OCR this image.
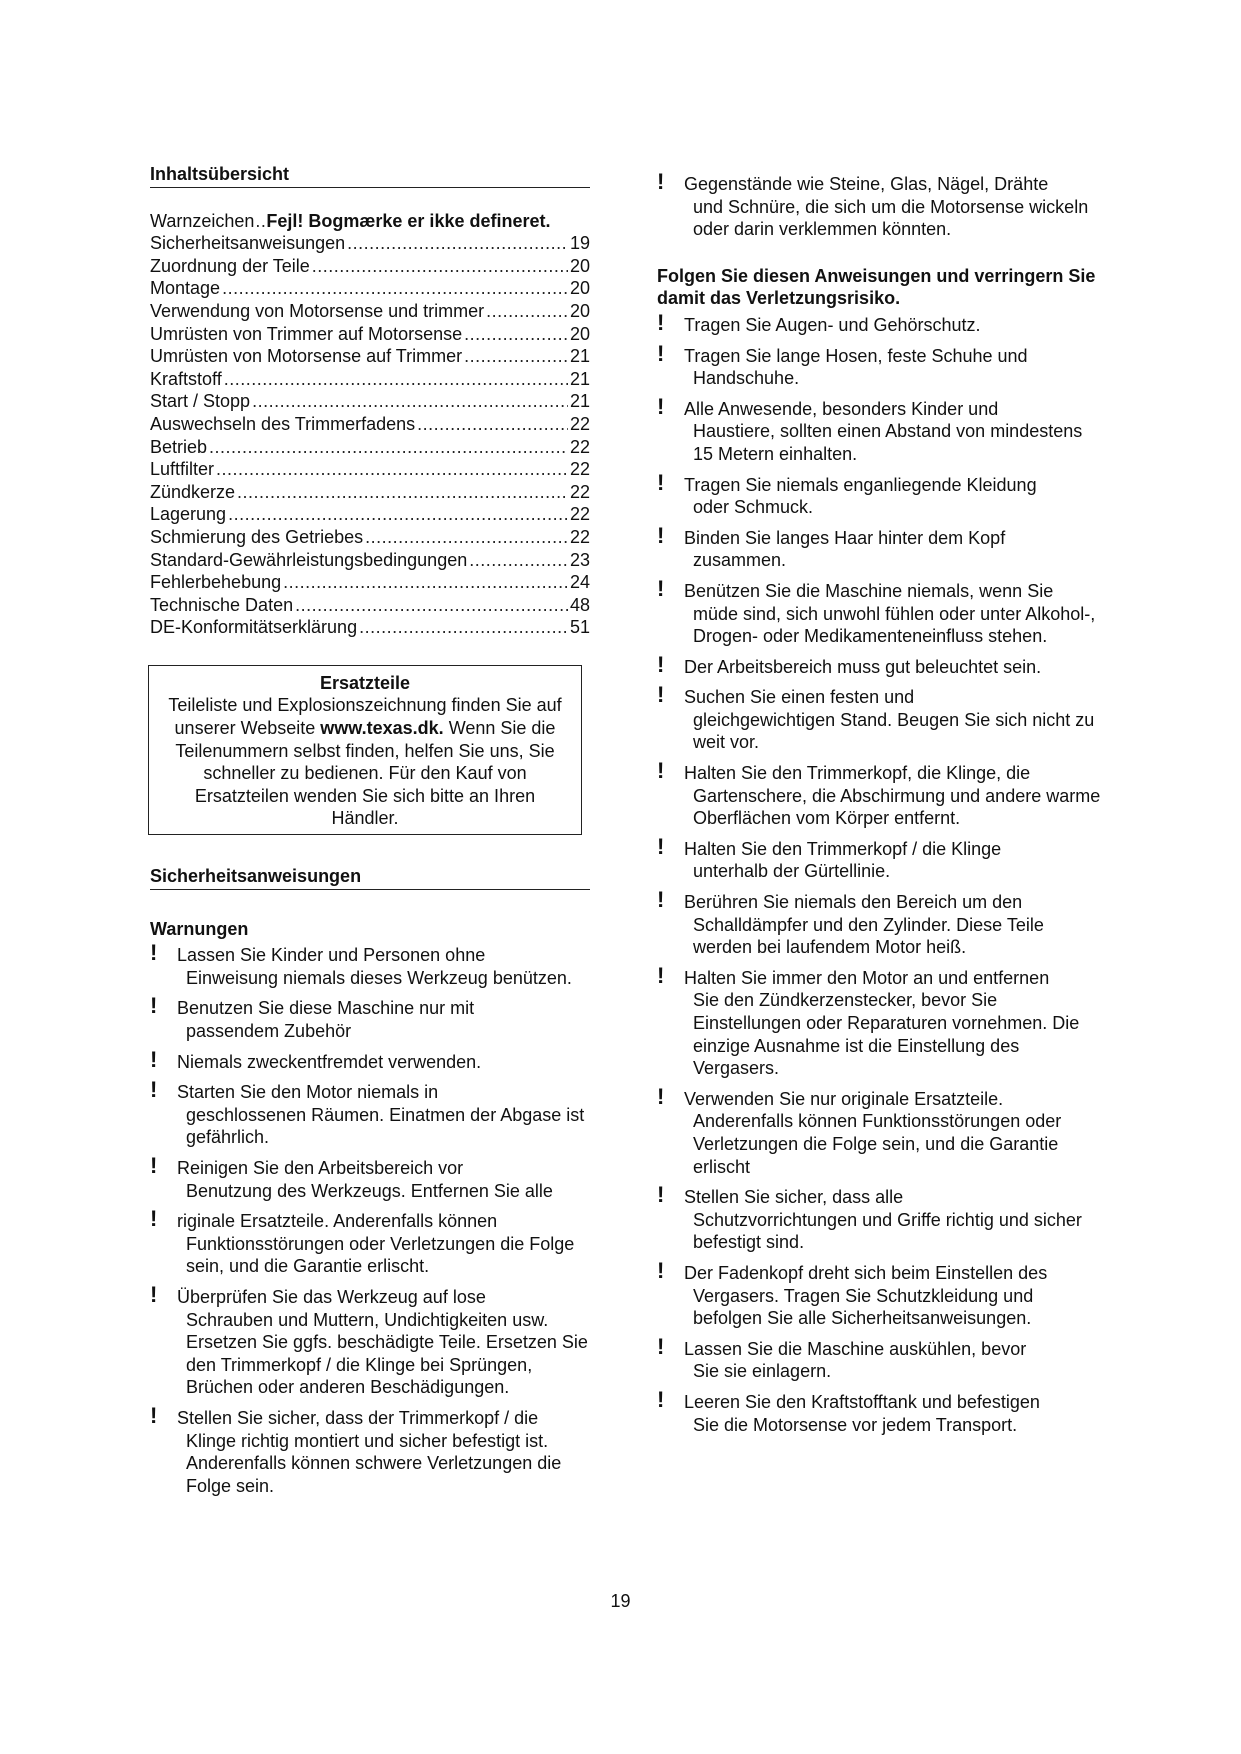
Inhaltsübersicht
Warnzeichen ..... Fejl! Bogmærke er ikke defineret.
Sicherheitsanweisungen .....	19
Zuordnung der Teile .....	20
Montage .....	20
Verwendung von Motorsense und trimmer .....	20
Umrüsten von Trimmer auf Motorsense .....	20
Umrüsten von Motorsense auf Trimmer .....	21
Kraftstoff .....	21
Start / Stopp .....	21
Auswechseln des Trimmerfadens .....	22
Betrieb .....	22
Luftfilter .....	22
Zündkerze .....	22
Lagerung .....	22
Schmierung des Getriebes .....	22
Standard-Gewährleistungsbedingungen .....	23
Fehlerbehebung .....	24
Technische Daten .....	48
DE-Konformitätserklärung .....	51
Ersatzteile
Teileliste und Explosionszeichnung finden Sie auf unserer Webseite www.texas.dk. Wenn Sie die Teilenummern selbst finden, helfen Sie uns, Sie schneller zu bedienen. Für den Kauf von Ersatzteilen wenden Sie sich bitte an Ihren Händler.
Sicherheitsanweisungen
Warnungen
! Lassen Sie Kinder und Personen ohne
Einweisung niemals dieses Werkzeug benützen.
! Benutzen Sie diese Maschine nur mit
passendem Zubehör
! Niemals zweckentfremdet verwenden.
! Starten Sie den Motor niemals in
geschlossenen Räumen. Einatmen der Abgase ist gefährlich.
! Reinigen Sie den Arbeitsbereich vor
Benutzung des Werkzeugs. Entfernen Sie alle
! riginale Ersatzteile. Anderenfalls können
Funktionsstörungen oder Verletzungen die Folge sein, und die Garantie erlischt.
! Überprüfen Sie das Werkzeug auf lose
Schrauben und Muttern, Undichtigkeiten usw. Ersetzen Sie ggfs. beschädigte Teile. Ersetzen Sie den Trimmerkopf / die Klinge bei Sprüngen, Brüchen oder anderen Beschädigungen.
! Stellen Sie sicher, dass der Trimmerkopf / die
Klinge richtig montiert und sicher befestigt ist. Anderenfalls können schwere Verletzungen die Folge sein.
! Gegenstände wie Steine, Glas, Nägel, Drähte
und Schnüre, die sich um die Motorsense wickeln oder darin verklemmen könnten.
Folgen Sie diesen Anweisungen und verringern Sie damit das Verletzungsrisiko.
! Tragen Sie Augen- und Gehörschutz.
! Tragen Sie lange Hosen, feste Schuhe und
Handschuhe.
! Alle Anwesende, besonders Kinder und
Haustiere, sollten einen Abstand von mindestens 15 Metern einhalten.
! Tragen Sie niemals enganliegende Kleidung
oder Schmuck.
! Binden Sie langes Haar hinter dem Kopf
zusammen.
! Benützen Sie die Maschine niemals, wenn Sie
müde sind, sich unwohl fühlen oder unter Alkohol-, Drogen- oder Medikamenteneinfluss stehen.
! Der Arbeitsbereich muss gut beleuchtet sein.
! Suchen Sie einen festen und
gleichgewichtigen Stand. Beugen Sie sich nicht zu weit vor.
! Halten Sie den Trimmerkopf, die Klinge, die
Gartenschere, die Abschirmung und andere warme Oberflächen vom Körper entfernt.
! Halten Sie den Trimmerkopf / die Klinge
unterhalb der Gürtellinie.
! Berühren Sie niemals den Bereich um den
Schalldämpfer und den Zylinder. Diese Teile werden bei laufendem Motor heiß.
! Halten Sie immer den Motor an und entfernen
Sie den Zündkerzenstecker, bevor Sie Einstellungen oder Reparaturen vornehmen. Die einzige Ausnahme ist die Einstellung des Vergasers.
! Verwenden Sie nur originale Ersatzteile.
Anderenfalls können Funktionsstörungen oder Verletzungen die Folge sein, und die Garantie erlischt
! Stellen Sie sicher, dass alle
Schutzvorrichtungen und Griffe richtig und sicher befestigt sind.
! Der Fadenkopf dreht sich beim Einstellen des
Vergasers. Tragen Sie Schutzkleidung und befolgen Sie alle Sicherheitsanweisungen.
! Lassen Sie die Maschine auskühlen, bevor
Sie sie einlagern.
! Leeren Sie den Kraftstofftank und befestigen
Sie die Motorsense vor jedem Transport.
19
